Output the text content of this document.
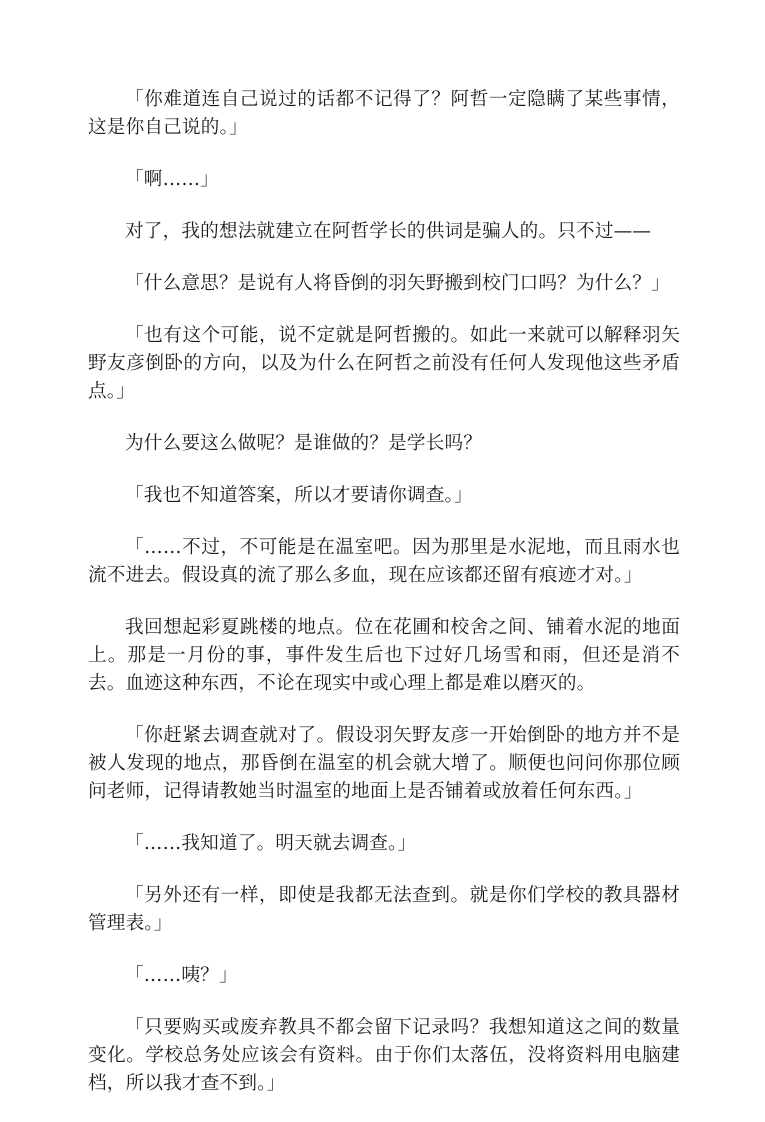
「你难道连自己说过的话都不记得了？阿哲一定隐瞒了某些事情，这是你自己说的。」

「啊……」

对了，我的想法就建立在阿哲学长的供词是骗人的。只不过——

「什么意思？是说有人将昏倒的羽矢野搬到校门口吗？为什么？」

「也有这个可能，说不定就是阿哲搬的。如此一来就可以解释羽矢野友彦倒卧的方向，以及为什么在阿哲之前没有任何人发现他这些矛盾点。」

为什么要这么做呢？是谁做的？是学长吗？

「我也不知道答案，所以才要请你调查。」

「……不过，不可能是在温室吧。因为那里是水泥地，而且雨水也流不进去。假设真的流了那么多血，现在应该都还留有痕迹才对。」

我回想起彩夏跳楼的地点。位在花圃和校舍之间、铺着水泥的地面上。那是一月份的事，事件发生后也下过好几场雪和雨，但还是消不去。血迹这种东西，不论在现实中或心理上都是难以磨灭的。

「你赶紧去调查就对了。假设羽矢野友彦一开始倒卧的地方并不是被人发现的地点，那昏倒在温室的机会就大增了。顺便也问问你那位顾问老师，记得请教她当时温室的地面上是否铺着或放着任何东西。」

「……我知道了。明天就去调查。」

「另外还有一样，即使是我都无法查到。就是你们学校的教具器材管理表。」

「……咦？」

「只要购买或废弃教具不都会留下记录吗？我想知道这之间的数量变化。学校总务处应该会有资料。由于你们太落伍，没将资料用电脑建档，所以我才查不到。」
